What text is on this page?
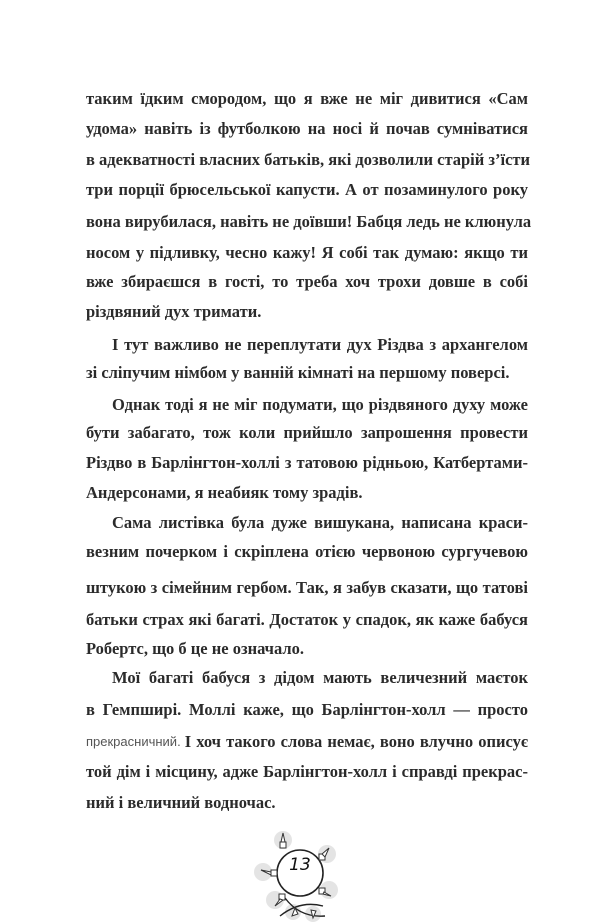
таким їдким смородом, що я вже не міг дивитися «Сам
удома» навіть із футболкою на носі й почав сумніватися
в адекватності власних батьків, які дозволили старій з’їсти
три порції брюсельської капусти. А от позаминулого року
вона вирубилася, навіть не доївши! Бабця ледь не клюнула
носом у підливку, чесно кажу! Я собі так думаю: якщо ти
вже збираєшся в гості, то треба хоч трохи довше в собі
різдвяний дух тримати.
І тут важливо не переплутати дух Різдва з архангелом
зі сліпучим німбом у ванній кімнаті на першому поверсі.
Однак тоді я не міг подумати, що різдвяного духу може
бути забагато, тож коли прийшло запрошення провести
Різдво в Барлінгтон-холлі з татовою рідньою, Катбертами-
Андерсонами, я неабияк тому зрадів.
Сама листівка була дуже вишукана, написана краси-
везним почерком і скріплена отією червоною сургучевою
штукою з сімейним гербом. Так, я забув сказати, що татові
батьки страх які багаті. Достаток у спадок, як каже бабуся
Робертс, що б це не означало.
Мої багаті бабуся з дідом мають величезний маєток
в Гемпширі. Моллі каже, що Барлінгтон-холл — просто
прекрасничний. I хоч такого слова немає, воно влучно описує
той дім і місцину, адже Барлінгтон-холл і справді прекрас-
ний і величний водночас.
13
